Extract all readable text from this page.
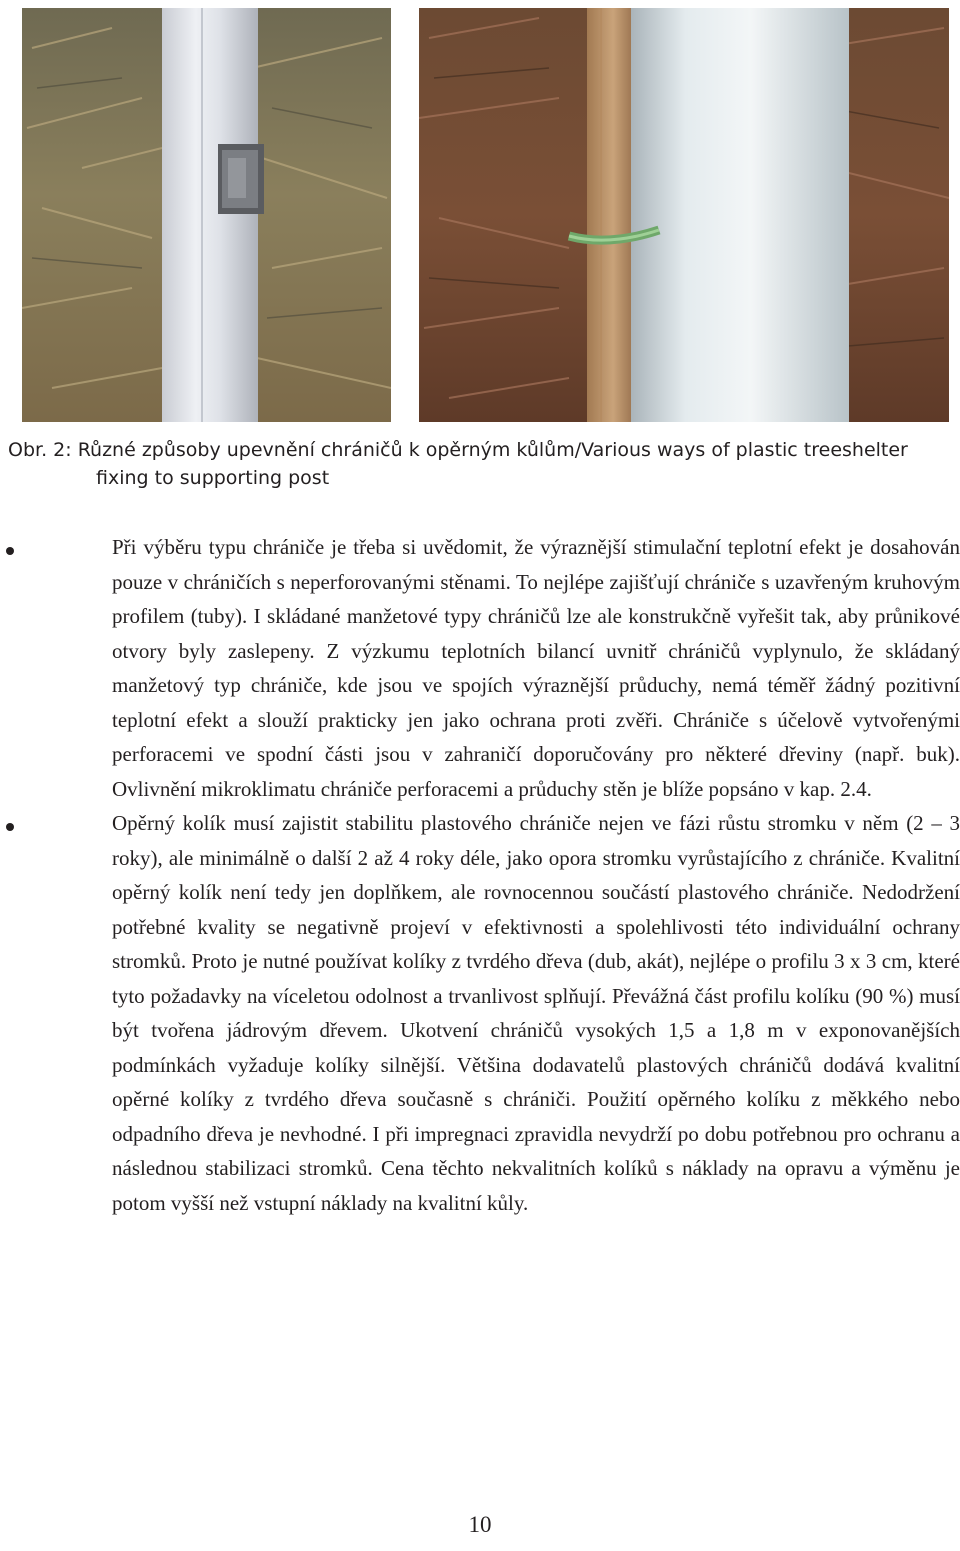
Obr. 2: Různé způsoby upevnění chráničů k opěrným kůlům/Various ways of plastic treeshelter fixing to supporting post

Při výběru typu chrániče je třeba si uvědomit, že výraznější stimulační teplotní efekt je dosahován pouze v chráničích s neperforovanými stěnami. To nejlépe zajišťují chrániče s uzavřeným kruhovým profilem (tuby). I skládané manžetové typy chráničů lze ale konstrukčně vyřešit tak, aby průnikové otvory byly zaslepeny. Z výzkumu teplotních bilancí uvnitř chráničů vyplynulo, že skládaný manžetový typ chrániče, kde jsou ve spojích výraznější průduchy, nemá téměř žádný pozitivní teplotní efekt a slouží prakticky jen jako ochrana proti zvěři. Chrániče s účelově vytvořenými perforacemi ve spodní části jsou v zahraničí doporučovány pro některé dřeviny (např. buk). Ovlivnění mikroklimatu chrániče perforacemi a průduchy stěn je blíže popsáno v kap. 2.4.

Opěrný kolík musí zajistit stabilitu plastového chrániče nejen ve fázi růstu stromku v něm (2 – 3 roky), ale minimálně o další 2 až 4 roky déle, jako opora stromku vyrůstajícího z chrániče. Kvalitní opěrný kolík není tedy jen doplňkem, ale rovnocennou součástí plastového chrániče. Nedodržení potřebné kvality se negativně projeví v efektivnosti a spolehlivosti této individuální ochrany stromků. Proto je nutné používat kolíky z tvrdého dřeva (dub, akát), nejlépe o profilu 3 x 3 cm, které tyto požadavky na víceletou odolnost a trvanlivost splňují. Převážná část profilu kolíku (90 %) musí být tvořena jádrovým dřevem. Ukotvení chráničů vysokých 1,5 a 1,8 m v exponovanějších podmínkách vyžaduje kolíky silnější. Většina dodavatelů plastových chráničů dodává kvalitní opěrné kolíky z tvrdého dřeva současně s chrániči. Použití opěrného kolíku z měkkého nebo odpadního dřeva je nevhodné. I při impregnaci zpravidla nevydrží po dobu potřebnou pro ochranu a následnou stabilizaci stromků. Cena těchto nekvalitních kolíků s náklady na opravu a výměnu je potom vyšší než vstupní náklady na kvalitní kůly.

10
